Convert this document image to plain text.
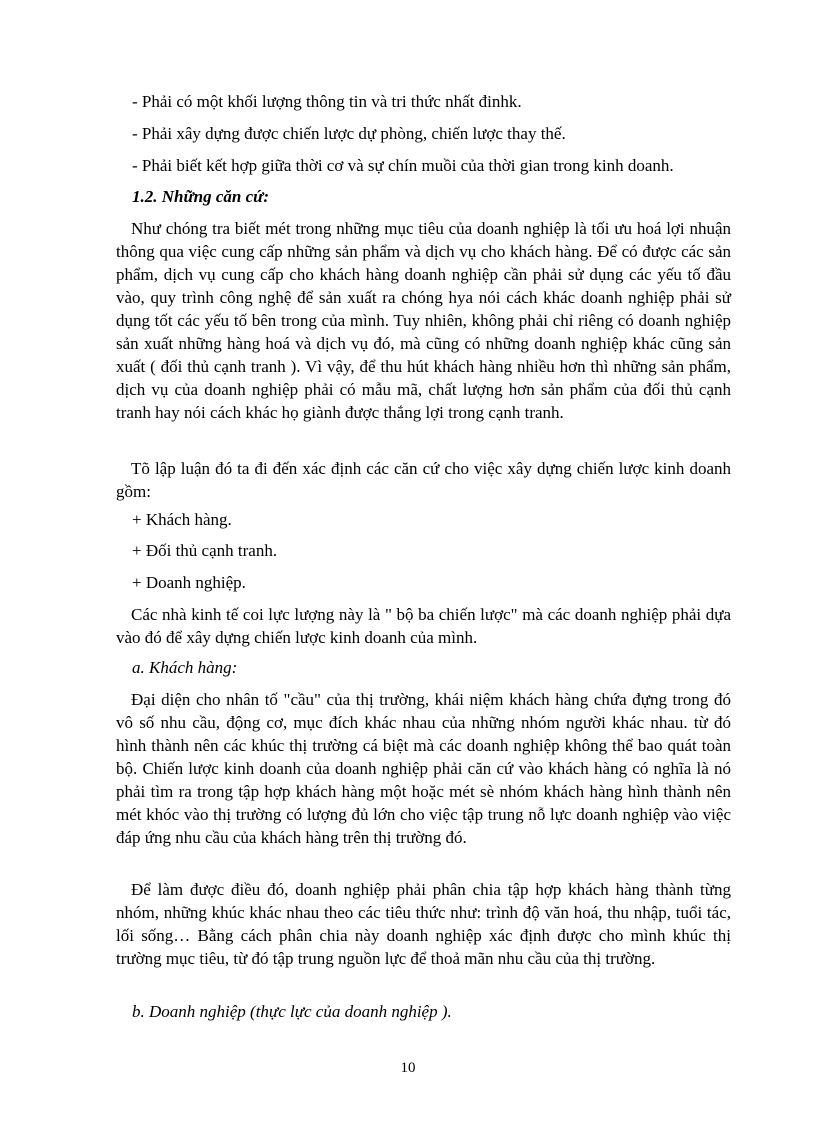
- Phải có một khối lượng thông tin và tri thức nhất đinhk.
- Phải xây dựng được chiến lược dự phòng, chiến lược thay thế.
- Phải biết kết hợp giữa thời cơ và sự chín muồi của thời gian trong kinh doanh.
1.2. Những căn cứ:
Như chóng tra biết mét trong những mục tiêu của doanh nghiệp là tối ưu hoá lợi nhuận thông qua việc cung cấp những sản phẩm và dịch vụ cho khách hàng. Để có được các sản phẩm, dịch vụ cung cấp cho khách hàng doanh nghiệp cần phải sử dụng các yếu tố đầu vào, quy trình công nghệ để sản xuất ra chóng hya nói cách khác doanh nghiệp phải sử dụng tốt các yếu tố bên trong của mình. Tuy nhiên, không phải chỉ riêng có doanh nghiệp sản xuất những hàng hoá và dịch vụ đó, mà cũng có những doanh nghiệp khác cũng sản xuất ( đối thủ cạnh tranh ). Vì vậy, để thu hút khách hàng nhiều hơn thì những sản phẩm, dịch vụ của doanh nghiệp phải có mẫu mã, chất lượng hơn sản phẩm của đối thủ cạnh tranh hay nói cách khác họ giành được thắng lợi trong cạnh tranh.
Tõ lập luận đó ta đi đến xác định các căn cứ cho việc xây dựng chiến lược kinh doanh gồm:
+ Khách hàng.
+ Đối thủ cạnh tranh.
+ Doanh nghiệp.
Các nhà kinh tế coi lực lượng này là " bộ ba chiến lược" mà các doanh nghiệp phải dựa vào đó để xây dựng chiến lược kinh doanh của mình.
a. Khách hàng:
Đại diện cho nhân tố "cầu" của thị trường, khái niệm khách hàng chứa đựng trong đó vô số nhu cầu, động cơ, mục đích khác nhau của những nhóm người khác nhau. từ đó hình thành nên các khúc thị trường cá biệt mà các doanh nghiệp không thể bao quát toàn bộ. Chiến lược kinh doanh của doanh nghiệp phải căn cứ vào khách hàng có nghĩa là nó phải tìm ra trong tập hợp khách hàng một hoặc mét sè nhóm khách hàng hình thành nên mét khóc vào thị trường có lượng đủ lớn cho việc tập trung nỗ lực doanh nghiệp vào việc đáp ứng nhu cầu của khách hàng trên thị trường đó.
Để làm được điều đó, doanh nghiệp phải phân chia tập hợp khách hàng thành từng nhóm, những khúc khác nhau theo các tiêu thức như: trình độ văn hoá, thu nhập, tuổi tác, lối sống… Bằng cách phân chia này doanh nghiệp xác định được cho mình khúc thị trường mục tiêu, từ đó tập trung nguồn lực để thoả mãn nhu cầu của thị trường.
b. Doanh nghiệp (thực lực của doanh nghiệp ).
10
